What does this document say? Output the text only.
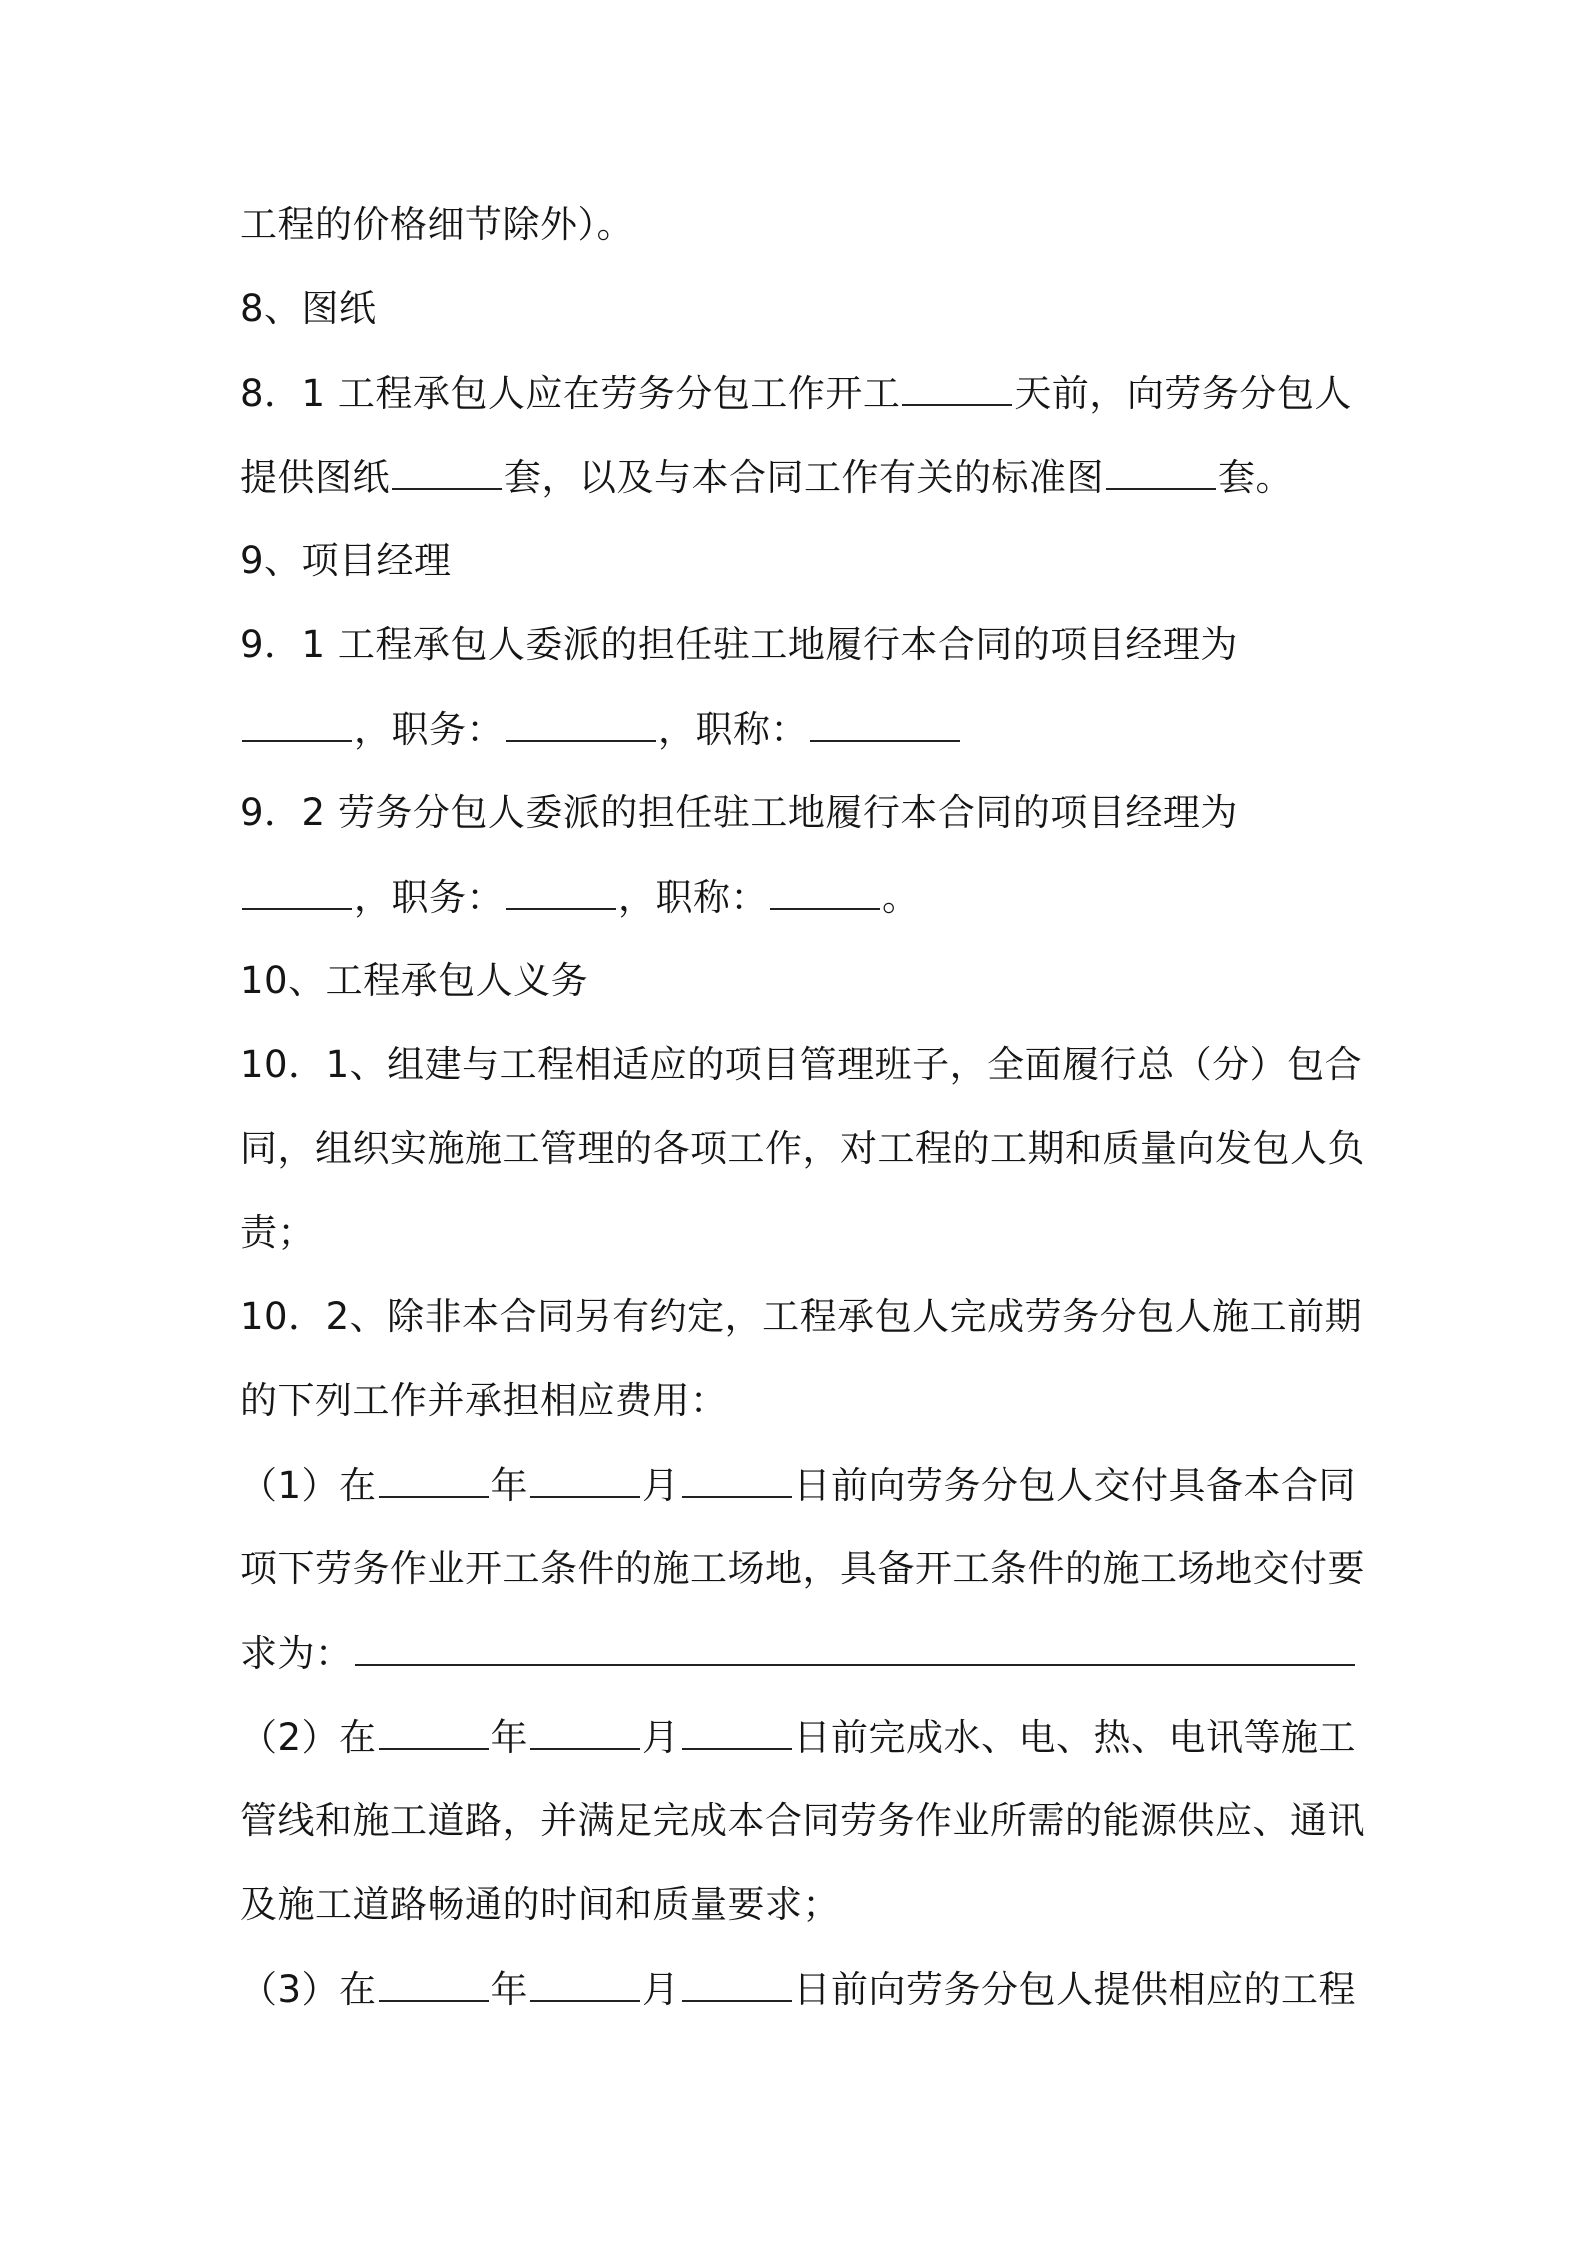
工程的价格细节除外）。
8、图纸
8．1 工程承包人应在劳务分包工作开工	天前，向劳务分包人
提供图纸	套，以及与本合同工作有关的标准图	套。
9、项目经理
9．1 工程承包人委派的担任驻工地履行本合同的项目经理为
，职务：	，职称：
9．2 劳务分包人委派的担任驻工地履行本合同的项目经理为
，职务：	，职称：	。
10、工程承包人义务
10．1、组建与工程相适应的项目管理班子，全面履行总（分）包合
同，组织实施施工管理的各项工作，对工程的工期和质量向发包人负
责；
10．2、除非本合同另有约定，工程承包人完成劳务分包人施工前期
的下列工作并承担相应费用：
（1）在	年	月	日前向劳务分包人交付具备本合同
项下劳务作业开工条件的施工场地，具备开工条件的施工场地交付要
求为：
（2）在	年	月	日前完成水、电、热、电讯等施工
管线和施工道路，并满足完成本合同劳务作业所需的能源供应、通讯
及施工道路畅通的时间和质量要求；
（3）在	年	月	日前向劳务分包人提供相应的工程
